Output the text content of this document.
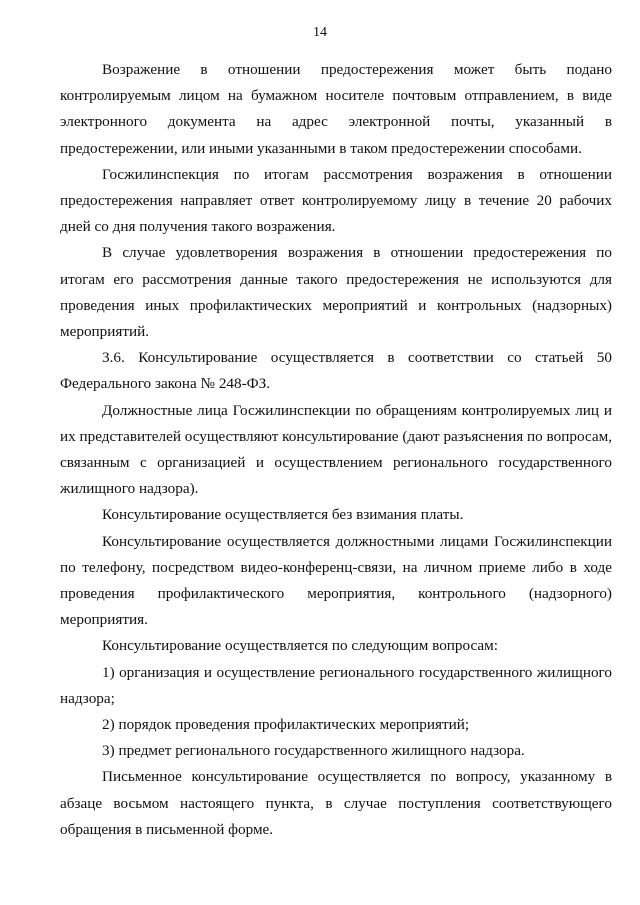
14

Возражение в отношении предостережения может быть подано контролируемым лицом на бумажном носителе почтовым отправлением, в виде электронного документа на адрес электронной почты, указанный в предостережении, или иными указанными в таком предостережении способами.

Госжилинспекция по итогам рассмотрения возражения в отношении предостережения направляет ответ контролируемому лицу в течение 20 рабочих дней со дня получения такого возражения.

В случае удовлетворения возражения в отношении предостережения по итогам его рассмотрения данные такого предостережения не используются для проведения иных профилактических мероприятий и контрольных (надзорных) мероприятий.

3.6. Консультирование осуществляется в соответствии со статьей 50 Федерального закона № 248-ФЗ.

Должностные лица Госжилинспекции по обращениям контролируемых лиц и их представителей осуществляют консультирование (дают разъяснения по вопросам, связанным с организацией и осуществлением регионального государственного жилищного надзора).

Консультирование осуществляется без взимания платы.

Консультирование осуществляется должностными лицами Госжилинспекции по телефону, посредством видео-конференц-связи, на личном приеме либо в ходе проведения профилактического мероприятия, контрольного (надзорного) мероприятия.

Консультирование осуществляется по следующим вопросам:

1) организация и осуществление регионального государственного жилищного надзора;

2) порядок проведения профилактических мероприятий;

3) предмет регионального государственного жилищного надзора.

Письменное консультирование осуществляется по вопросу, указанному в абзаце восьмом настоящего пункта, в случае поступления соответствующего обращения в письменной форме.
